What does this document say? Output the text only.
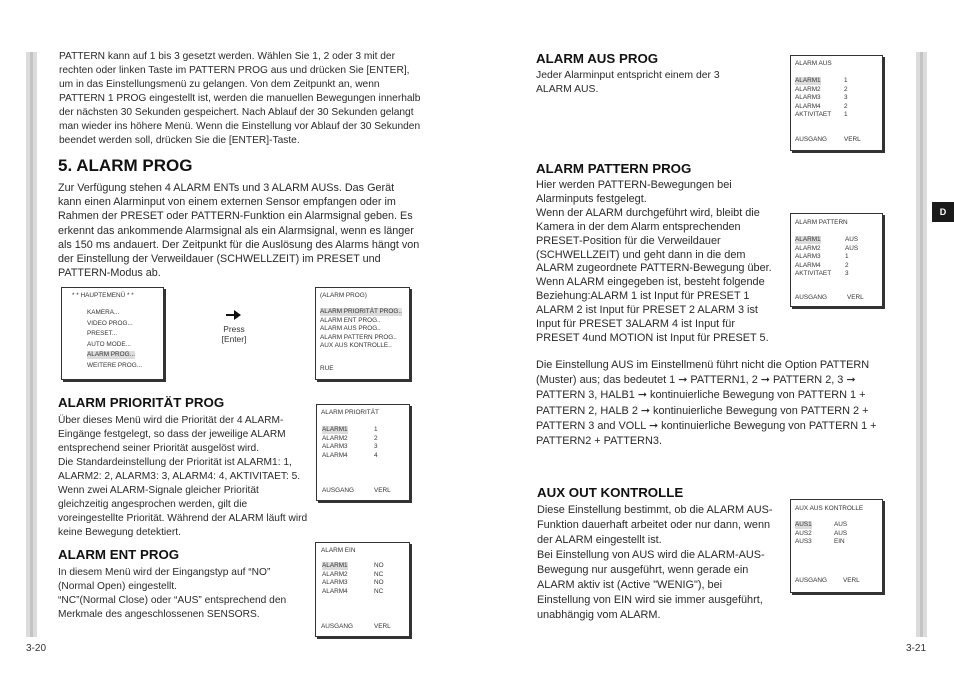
PATTERN kann auf 1 bis 3 gesetzt werden. Wählen Sie 1, 2 oder 3 mit der rechten oder linken Taste im PATTERN PROG aus und drücken Sie [ENTER], um in das Einstellungsmenü zu gelangen. Von dem Zeitpunkt an, wenn PATTERN 1 PROG eingestellt ist, werden die manuellen Bewegungen innerhalb der nächsten 30 Sekunden gespeichert. Nach Ablauf der 30 Sekunden gelangt man wieder ins höhere Menü. Wenn die Einstellung vor Ablauf der 30 Sekunden beendet werden soll, drücken Sie die [ENTER]-Taste.
5. ALARM PROG
Zur Verfügung stehen 4 ALARM ENTs und 3 ALARM AUSs. Das Gerät kann einen Alarminput von einem externen Sensor empfangen oder im Rahmen der PRESET oder PATTERN-Funktion ein Alarmsignal geben. Es erkennt das ankommende Alarmsignal als ein Alarmsignal, wenn es länger als 150 ms andauert. Der Zeitpunkt für die Auslösung des Alarms hängt von der Einstellung der Verweildauer (SCHWELLZEIT) im PRESET und PATTERN-Modus ab.
* * HAUPTEMENÜ * *
KAMERA...
VIDEO PROG...
PRESET...
AUTO MODE...
ALARM PROG...
WEITERE PROG...
Press
[Enter]
(ALARM PROG)
ALARM PRIORITÄT PROG..
ALARM ENT PROG..
ALARM AUS PROG..
ALARM PATTERN PROG..
AUX AUS KONTROLLE..
RUE
ALARM PRIORITÄT PROG
Über dieses Menü wird die Priorität der 4 ALARM-Eingänge festgelegt, so dass der jeweilige ALARM entsprechend seiner Priorität ausgelöst wird.
Die Standardeinstellung der Priorität ist ALARM1: 1, ALARM2: 2, ALARM3: 3, ALARM4: 4, AKTIVITAET: 5. Wenn zwei ALARM-Signale gleicher Priorität gleichzeitig angesprochen werden, gilt die voreingestellte Priorität. Während der ALARM läuft wird keine Bewegung detektiert.
ALARM PRIORITÄT
ALARM1	1
ALARM2	2
ALARM3	3
ALARM4	4
AUSGANG	VERL
ALARM ENT PROG
In diesem Menü wird der Eingangstyp auf “NO” (Normal Open) eingestellt.
“NC”(Normal Close) oder “AUS” entsprechend den Merkmale des angeschlossenen SENSORS.
ALARM EIN
ALARM1	NO
ALARM2	NC
ALARM3	NO
ALARM4	NC
AUSGANG	VERL
3-20
ALARM AUS PROG
Jeder Alarminput entspricht einem der 3 ALARM AUS.
ALARM AUS
ALARM1	1
ALARM2	2
ALARM3	3
ALARM4	2
AKTIVITAET 1
AUSGANG	VERL
ALARM PATTERN PROG
Hier werden PATTERN-Bewegungen bei Alarminputs festgelegt.
Wenn der ALARM durchgeführt wird, bleibt die Kamera in der dem Alarm entsprechenden PRESET-Position für die Verweildauer (SCHWELLZEIT) und geht dann in die dem ALARM zugeordnete PATTERN-Bewegung über. Wenn ALARM eingegeben ist, besteht folgende Beziehung:ALARM 1 ist Input für PRESET 1 ALARM 2 ist Input für PRESET 2 ALARM 3 ist Input für PRESET 3ALARM 4 ist Input für PRESET 4und MOTION ist Input für PRESET 5.
ALARM PATTERN
ALARM1	AUS
ALARM2	AUS
ALARM3	1
ALARM4	2
AKTIVITAET 3
AUSGANG	VERL
Die Einstellung AUS im Einstellmenü führt nicht die Option PATTERN (Muster) aus; das bedeutet 1 ➞ PATTERN1, 2 ➞ PATTERN 2, 3 ➞ PATTERN 3, HALB1 ➞ kontinuierliche Bewegung von PATTERN 1 + PATTERN 2, HALB 2 ➞ kontinuierliche Bewegung von PATTERN 2 + PATTERN 3 and VOLL ➞ kontinuierliche Bewegung von PATTERN 1 + PATTERN2 + PATTERN3.
AUX OUT KONTROLLE
Diese Einstellung bestimmt, ob die ALARM AUS-Funktion dauerhaft arbeitet oder nur dann, wenn der ALARM eingestellt ist.
Bei Einstellung von AUS wird die ALARM-AUS-Bewegung nur ausgeführt, wenn gerade ein ALARM aktiv ist (Active "WENIG"), bei Einstellung von EIN wird sie immer ausgeführt, unabhängig vom ALARM.
AUX AUS KONTROLLE
AUS1	AUS
AUS2	AUS
AUS3	EIN
AUSGANG	VERL
D
3-21
